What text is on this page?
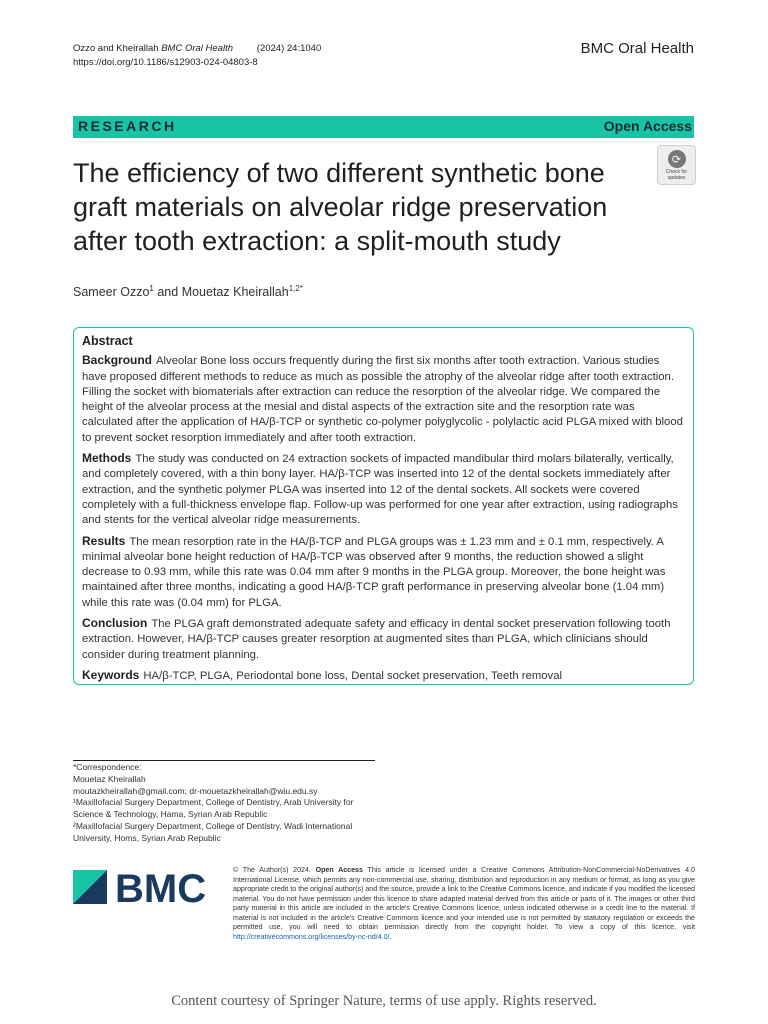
Ozzo and Kheirallah BMC Oral Health	(2024) 24:1040
https://doi.org/10.1186/s12903-024-04803-8
BMC Oral Health
RESEARCH	Open Access
⟳
Check for updates
The efficiency of two different synthetic bone graft materials on alveolar ridge preservation after tooth extraction: a split-mouth study
Sameer Ozzo$^1$ and Mouetaz Kheirallah$^{1,2*}$
Abstract

Background Alveolar Bone loss occurs frequently during the first six months after tooth extraction. Various studies have proposed different methods to reduce as much as possible the atrophy of the alveolar ridge after tooth extraction. Filling the socket with biomaterials after extraction can reduce the resorption of the alveolar ridge. We compared the height of the alveolar process at the mesial and distal aspects of the extraction site and the resorption rate was calculated after the application of HA/β-TCP or synthetic co-polymer polyglycolic - polylactic acid PLGA mixed with blood to prevent socket resorption immediately and after tooth extraction.

Methods The study was conducted on 24 extraction sockets of impacted mandibular third molars bilaterally, vertically, and completely covered, with a thin bony layer. HA/β-TCP was inserted into 12 of the dental sockets immediately after extraction, and the synthetic polymer PLGA was inserted into 12 of the dental sockets. All sockets were covered completely with a full-thickness envelope flap. Follow-up was performed for one year after extraction, using radiographs and stents for the vertical alveolar ridge measurements.

Results The mean resorption rate in the HA/β-TCP and PLGA groups was ± 1.23 mm and ± 0.1 mm, respectively. A minimal alveolar bone height reduction of HA/β-TCP was observed after 9 months, the reduction showed a slight decrease to 0.93 mm, while this rate was 0.04 mm after 9 months in the PLGA group. Moreover, the bone height was maintained after three months, indicating a good HA/β-TCP graft performance in preserving alveolar bone (1.04 mm) while this rate was (0.04 mm) for PLGA.

Conclusion The PLGA graft demonstrated adequate safety and efficacy in dental socket preservation following tooth extraction. However, HA/β-TCP causes greater resorption at augmented sites than PLGA, which clinicians should consider during treatment planning.

Keywords HA/β-TCP, PLGA, Periodontal bone loss, Dental socket preservation, Teeth removal

*Correspondence:
Mouetaz Kheirallah
moutazkheirallah@gmail.com; dr-mouetazkheirallah@wiu.edu.sy
¹Maxillofacial Surgery Department, College of Dentistry, Arab University for Science & Technology, Hama, Syrian Arab Republic
²Maxillofacial Surgery Department, College of Dentistry, Wadi International University, Homs, Syrian Arab Republic
BMC	© The Author(s) 2024. Open Access This article is licensed under a Creative Commons Attribution-NonCommercial-NoDerivatives 4.0 International License, which permits any non-commercial use, sharing, distribution and reproduction in any medium or format, as long as you give appropriate credit to the original author(s) and the source, provide a link to the Creative Commons licence, and indicate if you modified the licensed material. You do not have permission under this licence to share adapted material derived from this article or parts of it. The images or other third party material in this article are included in the article's Creative Commons licence, unless indicated otherwise in a credit line to the material. If material is not included in the article's Creative Commons licence and your intended use is not permitted by statutory regulation or exceeds the permitted use, you will need to obtain permission directly from the copyright holder. To view a copy of this licence, visit http://creativecommons.org/licenses/by-nc-nd/4.0/.
Content courtesy of Springer Nature, terms of use apply. Rights reserved.
